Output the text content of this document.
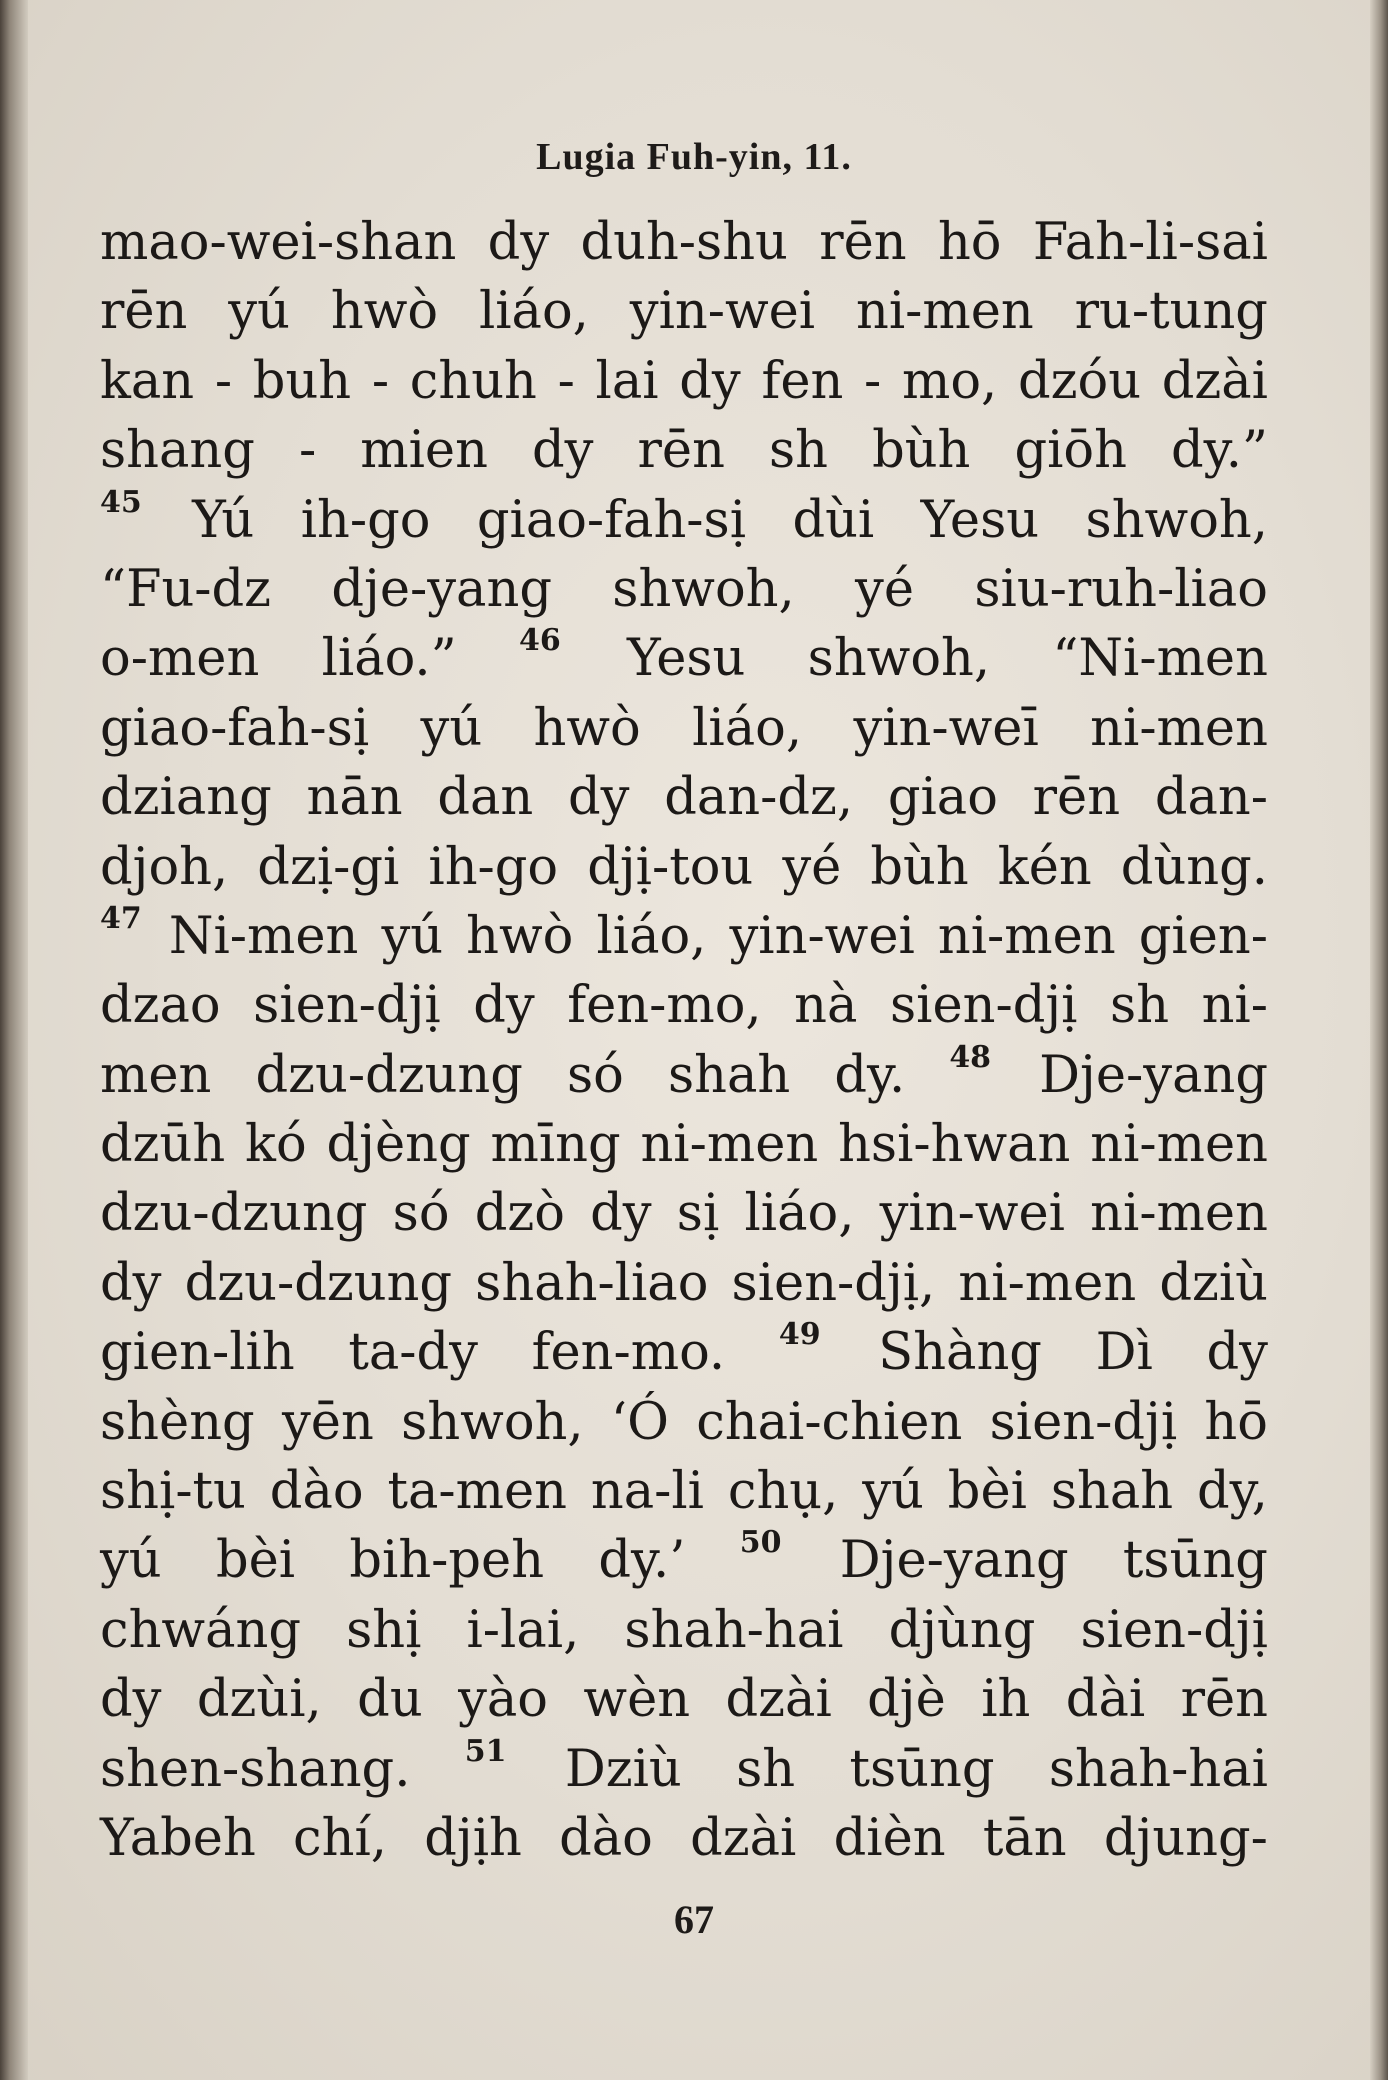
Lugia Fuh-yin, 11.
mao-wei-shan dy duh-shu rēn hō Fah-li-sai
rēn yú hwò liáo, yin-wei ni-men ru-tung
kan - buh - chuh - lai dy fen - mo, dzóu dzài
shang - mien dy rēn sh bùh giōh dy.”
45 Yú ih-go giao-fah-sị dùi Yesu shwoh,
“Fu-dz dje-yang shwoh, yé siu-ruh-liao
o-men liáo.” 46 Yesu shwoh, “Ni-men
giao-fah-sị yú hwò liáo, yin-weī ni-men
dziang nān dan dy dan-dz, giao rēn dan-
djoh, dzị-gi ih-go djị-tou yé bùh kén dùng.
47 Ni-men yú hwò liáo, yin-wei ni-men gien-
dzao sien-djị dy fen-mo, nà sien-djị sh ni-
men dzu-dzung só shah dy. 48 Dje-yang
dzūh kó djèng mīng ni-men hsi-hwan ni-men
dzu-dzung só dzò dy sị liáo, yin-wei ni-men
dy dzu-dzung shah-liao sien-djị, ni-men dziù
gien-lih ta-dy fen-mo. 49 Shàng Dì dy
shèng yēn shwoh, ‘Ó chai-chien sien-djị hō
shị-tu dào ta-men na-li chụ, yú bèi shah dy,
yú bèi bih-peh dy.’ 50 Dje-yang tsūng
chwáng shị i-lai, shah-hai djùng sien-djị
dy dzùi, du yào wèn dzài djè ih dài rēn
shen-shang. 51 Dziù sh tsūng shah-hai
Yabeh chí, djịh dào dzài dièn tān djung-
67
